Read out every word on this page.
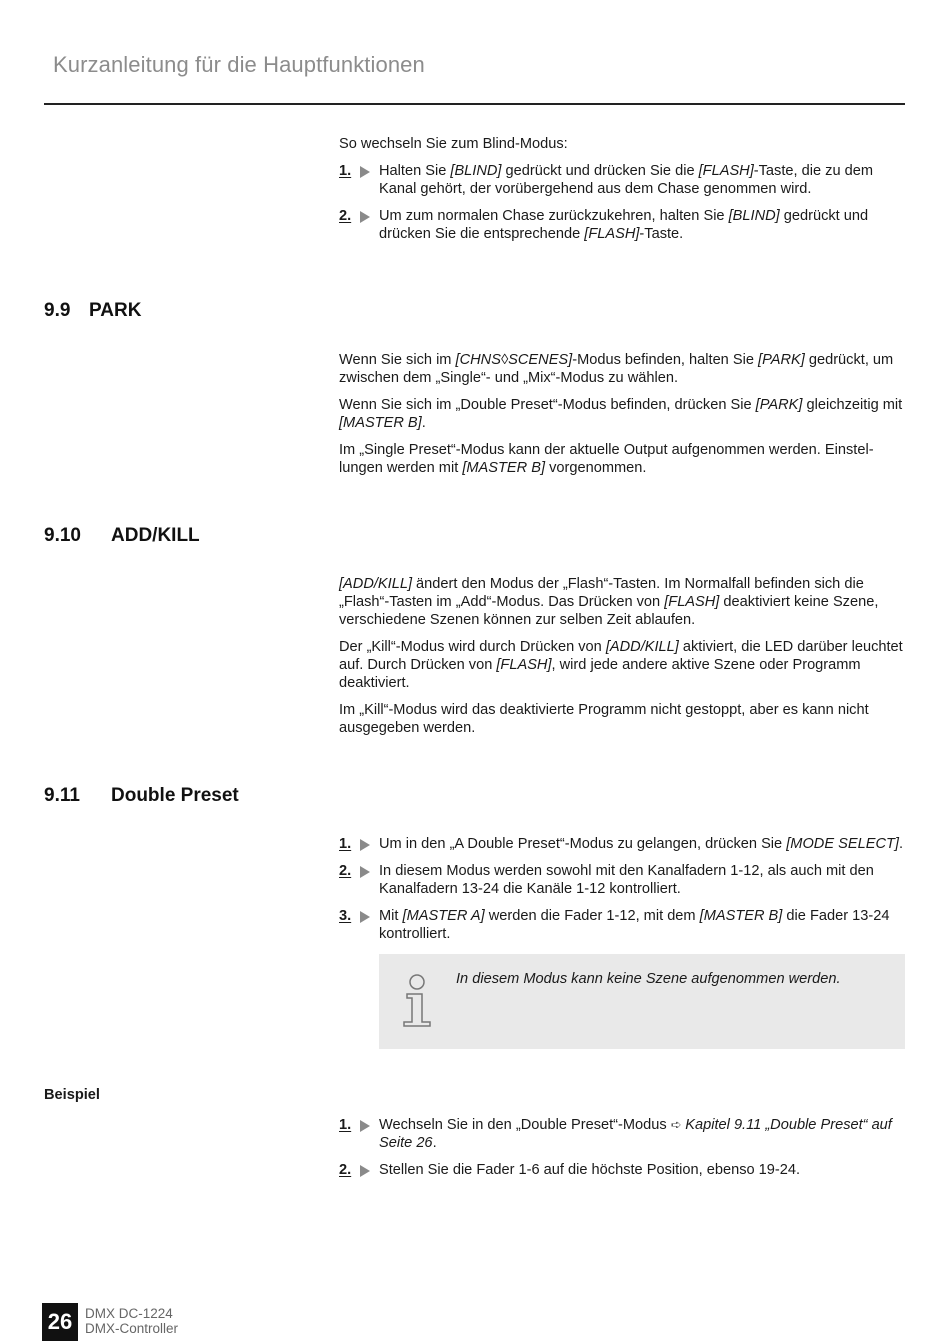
Kurzanleitung für die Hauptfunktionen

So wechseln Sie zum Blind-Modus:

1. Halten Sie [BLIND] gedrückt und drücken Sie die [FLASH]-Taste, die zu dem Kanal gehört, der vorübergehend aus dem Chase genommen wird.
2. Um zum normalen Chase zurückzukehren, halten Sie [BLIND] gedrückt und drücken Sie die entsprechende [FLASH]-Taste.
9.9 PARK

Wenn Sie sich im [CHNS◊SCENES]-Modus befinden, halten Sie [PARK] gedrückt, um zwischen dem „Single“- und „Mix“-Modus zu wählen.

Wenn Sie sich im „Double Preset“-Modus befinden, drücken Sie [PARK] gleichzeitig mit [MASTER B].

Im „Single Preset“-Modus kann der aktuelle Output aufgenommen werden. Einstellungen werden mit [MASTER B] vorgenommen.

9.10 ADD/KILL

[ADD/KILL] ändert den Modus der „Flash“-Tasten. Im Normalfall befinden sich die „Flash“-Tasten im „Add“-Modus. Das Drücken von [FLASH] deaktiviert keine Szene, verschiedene Szenen können zur selben Zeit ablaufen.

Der „Kill“-Modus wird durch Drücken von [ADD/KILL] aktiviert, die LED darüber leuchtet auf. Durch Drücken von [FLASH], wird jede andere aktive Szene oder Programm deaktiviert.

Im „Kill“-Modus wird das deaktivierte Programm nicht gestoppt, aber es kann nicht ausgegeben werden.

9.11 Double Preset
1. Um in den „A Double Preset“-Modus zu gelangen, drücken Sie [MODE SELECT].
2. In diesem Modus werden sowohl mit den Kanalfadern 1-12, als auch mit den Kanalfadern 13-24 die Kanäle 1-12 kontrolliert.
3. Mit [MASTER A] werden die Fader 1-12, mit dem [MASTER B] die Fader 13-24 kontrolliert.
In diesem Modus kann keine Szene aufgenommen werden.
Beispiel
1. Wechseln Sie in den „Double Preset“-Modus ➪ Kapitel 9.11 „Double Preset“ auf Seite 26.
2. Stellen Sie die Fader 1-6 auf die höchste Position, ebenso 19-24.
26 DMX DC-1224
DMX-Controller
